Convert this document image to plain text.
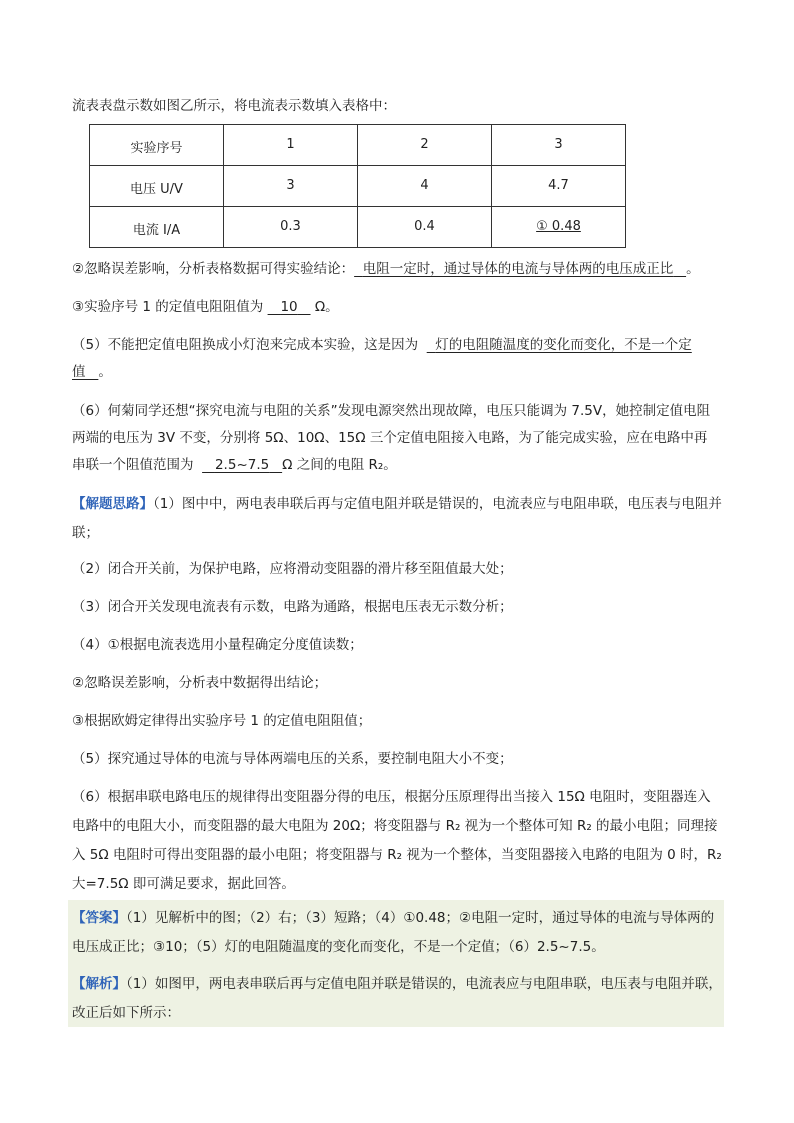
流表表盘示数如图乙所示，将电流表示数填入表格中：
实验序号	1	2	3

电压 U/V	3	4	4.7

电流 I/A	0.3	0.4	① 0.48
②忽略误差影响，分析表格数据可得实验结论： 电阻一定时，通过导体的电流与导体两的电压成正比 。
③实验序号 1 的定值电阻阻值为 10 Ω。
（5）不能把定值电阻换成小灯泡来完成本实验，这是因为 灯的电阻随温度的变化而变化，不是一个定
值 。
（6）何菊同学还想“探究电流与电阻的关系”发现电源突然出现故障，电压只能调为 7.5V，她控制定值电阻
两端的电压为 3V 不变，分别将 5Ω、10Ω、15Ω 三个定值电阻接入电路，为了能完成实验，应在电路中再
串联一个阻值范围为 2.5~7.5 Ω 之间的电阻 R₂。
【解题思路】（1）图中中，两电表串联后再与定值电阻并联是错误的，电流表应与电阻串联，电压表与电阻并联；
（2）闭合开关前，为保护电路，应将滑动变阻器的滑片移至阻值最大处；
（3）闭合开关发现电流表有示数，电路为通路，根据电压表无示数分析；
（4）①根据电流表选用小量程确定分度值读数；
②忽略误差影响，分析表中数据得出结论；
③根据欧姆定律得出实验序号 1 的定值电阻阻值；
（5）探究通过导体的电流与导体两端电压的关系，要控制电阻大小不变；
（6）根据串联电路电压的规律得出变阻器分得的电压，根据分压原理得出当接入 15Ω 电阻时，变阻器连入电路中的电阻大小，而变阻器的最大电阻为 20Ω；将变阻器与 R₂ 视为一个整体可知 R₂ 的最小电阻；同理接入 5Ω 电阻时可得出变阻器的最小电阻；将变阻器与 R₂ 视为一个整体，当变阻器接入电路的电阻为 0 时，R₂ 大=7.5Ω 即可满足要求，据此回答。
【答案】（1）见解析中的图；（2）右；（3）短路；（4）①0.48；②电阻一定时，通过导体的电流与导体两的电压成正比；③10；（5）灯的电阻随温度的变化而变化，不是一个定值；（6）2.5~7.5。
【解析】（1）如图甲，两电表串联后再与定值电阻并联是错误的，电流表应与电阻串联，电压表与电阻并联，改正后如下所示：
